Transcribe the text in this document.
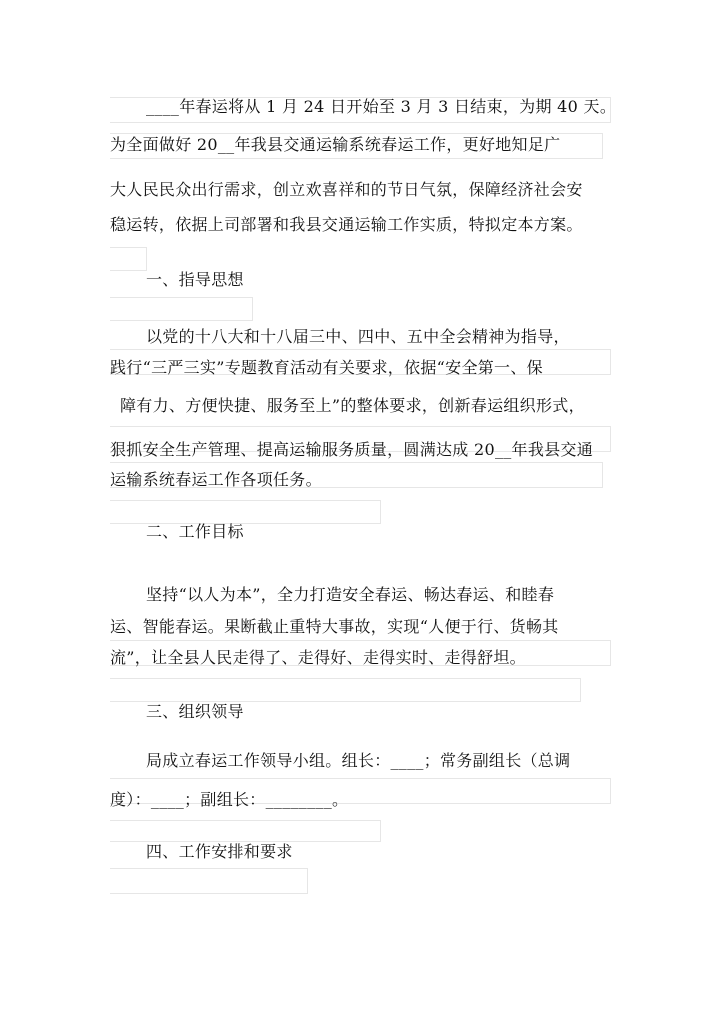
____年春运将从 1 月 24 日开始至 3 月 3 日结束，为期 40 天。
为全面做好 20__年我县交通运输系统春运工作，更好地知足广
大人民民众出行需求，创立欢喜祥和的节日气氛，保障经济社会安
稳运转，依据上司部署和我县交通运输工作实质，特拟定本方案。
一、指导思想
以党的十八大和十八届三中、四中、五中全会精神为指导，
践行“三严三实”专题教育活动有关要求，依据“安全第一、保
障有力、方便快捷、服务至上”的整体要求，创新春运组织形式，
狠抓安全生产管理、提高运输服务质量，圆满达成 20__年我县交通
运输系统春运工作各项任务。
二、工作目标
坚持“以人为本”，全力打造安全春运、畅达春运、和睦春
运、智能春运。果断截止重特大事故，实现“人便于行、货畅其
流”，让全县人民走得了、走得好、走得实时、走得舒坦。
三、组织领导
局成立春运工作领导小组。组长：____；常务副组长（总调
度）：____；副组长：________。
四、工作安排和要求
